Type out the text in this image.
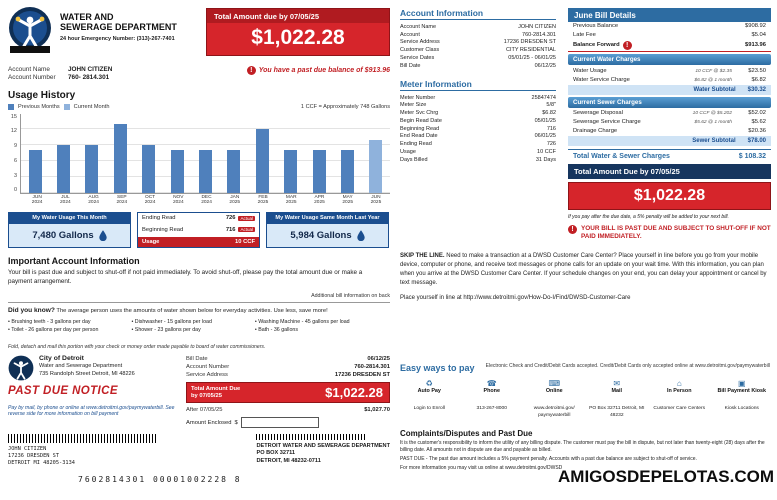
WATER AND
SEWERAGE DEPARTMENT
24 hour Emergency Number: (313)-267-7401
Total Amount due by 07/05/25
$1,022.28
Account Name	JOHN CITIZEN
Account Number 760- 2814.301
!
You have a past due balance of $913.96
Usage History
Previous Months	Current Month	1 CCF = Approximately 748 Gallons
15
12
9
6
3
0
JUN
2024
JUL
2024
AUG
2024
SEP
2024
OCT
2024
NOV
2024
DEC
2024
JAN
2025
FEB
2025
MAR
2025
APR
2025
MAY
2025
JUN
2025
My Water Usage This Month
7,480 Gallons
Ending Read	726	Actual
Beginning Read	716	Actual
Usage	10 CCF
My Water Usage Same Month Last Year
5,984 Gallons
Important Account Information
Your bill is past due and subject to shut-off if not paid immediately. To avoid shut-off, please pay the total amount due or make a payment arrangement.
Additional bill information on back
Did you know? The average person uses the amounts of water shown below for everyday activities. Use less, save more!
• Brushing teeth - 3 gallons per day	• Dishwasher - 15 gallons per load	• Washing Machine - 45 gallons per load
• Toilet - 26 gallons per day per person	• Shower - 23 gallons per day	• Bath - 36 gallons
Fold, detach and mail this portion with your check or money order made payable to board of water commissioners.
City of Detroit
Water and Sewerage Department
735 Randolph Street Detroit, MI 48226
PAST DUE NOTICE
Pay by mail, by phone or online at www.detroitmi.gov/paymywaterbill. See reverse side for more information on bill payment
Bill Date	06/12/25
Account Number	760-2814.301
Service Address	17236 DRESDEN ST
Total Amount Due
by 07/05/25	$1,022.28
After 07/05/25	$1,027.70
Amount Enclosed $
JOHN CITIZEN
17236 DRESDEN ST
DETROIT MI 48205-3134
DETROIT WATER AND SEWERAGE DEPARTMENT
PO BOX 32711
DETROIT, MI 48232-0711
7602814301 00001002228 8
Account Information
Account Name	JOHN CITIZEN
Account	760-2814.301
Service Address	17236 DRESDEN ST
Customer Class	CITY RESIDENTIAL
Service Dates	05/01/25 - 06/01/25
Bill Date	06/12/25
Meter Information
Meter Number	25847474
Meter Size	5/8"
Meter Svc Chrg	$6.82
Begin Read Date	05/01/25
Beginning Read	716
End Read Date	06/01/25
Ending Read	726
Usage	10 CCF
Days Billed	31 Days
June Bill Details
Previous Balance	$908.92
Late Fee	$5.04
Balance Forward !	$913.96
Current Water Charges
Water Usage	10 CCF @ $2.35	$23.50
Water Service Charge	$6.82 @ 1 month	$6.82
Water Subtotal $30.32
Current Sewer Charges
Sewerage Disposal	10 CCF @ $5.202	$52.02
Sewerage Service Charge	$5.62 @ 1 month	$5.62
Drainage Charge	$20.36
Sewer Subtotal $78.00
Total Water & Sewer Charges	$ 108.32
Total Amount Due by 07/05/25
$1,022.28
If you pay after the due date, a 5% penalty will be added to your next bill.
!
YOUR BILL IS PAST DUE AND SUBJECT TO SHUT-OFF IF NOT PAID IMMEDIATELY.
SKIP THE LINE. Need to make a transaction at a DWSD Customer Care Center? Place yourself in line before you go from your mobile device, computer or phone, and receive text messages or phone calls for an update on your wait time. With this information, you can plan when you arrive at the DWSD Customer Care Center. If your schedule changes on your end, you can delay your appointment or cancel by text message.
Place yourself in line at http://www.detroitmi.gov/How-Do-I/Find/DWSD-Customer-Care
Easy ways to pay Electronic Check and Credit/Debit Cards accepted. Credit/Debit Cards only accepted online at www.detroitmi.gov/paymywaterbill
♻
Auto Pay
Login to Enroll
☎
Phone
313-267-8000
⌨
Online
www.detroitmi.gov/ paymywaterbill
✉
Mail
PO Box 32711 Detroit, MI 48232
⌂
In Person
Customer Care Centers
▣
Bill Payment Kiosk
Kiosk Locations
Complaints/Disputes and Past Due

It is the customer's responsibility to inform the utility of any billing dispute. The customer must pay the bill in dispute, but not later than twenty-eight (28) days after the billing date. All amounts not in dispute are due and payable as billed.

PAST DUE - The past due amount includes a 5% payment penalty. Accounts with a past due balance are subject to shut-off of service.

For more information you may visit us online at www.detroitmi.gov/DWSD

AMIGOSDEPELOTAS.COM
